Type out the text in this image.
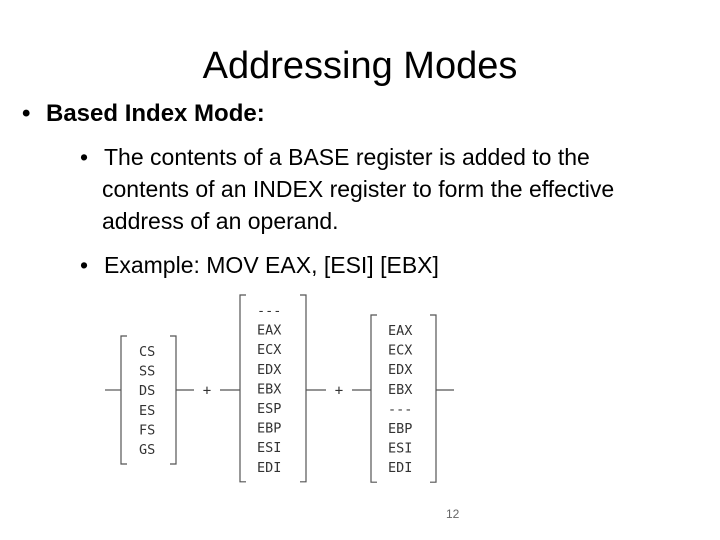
Addressing Modes
• Based Index Mode:
• The contents of a BASE register is added to the
contents of an INDEX register to form the effective
address of an operand.
• Example: MOV EAX, [ESI] [EBX]
CS
SS
DS
ES
FS
GS
---
EAX
ECX
EDX
EBX
ESP
EBP
ESI
EDI
EAX
ECX
EDX
EBX
---
EBP
ESI
EDI
+	+
12
